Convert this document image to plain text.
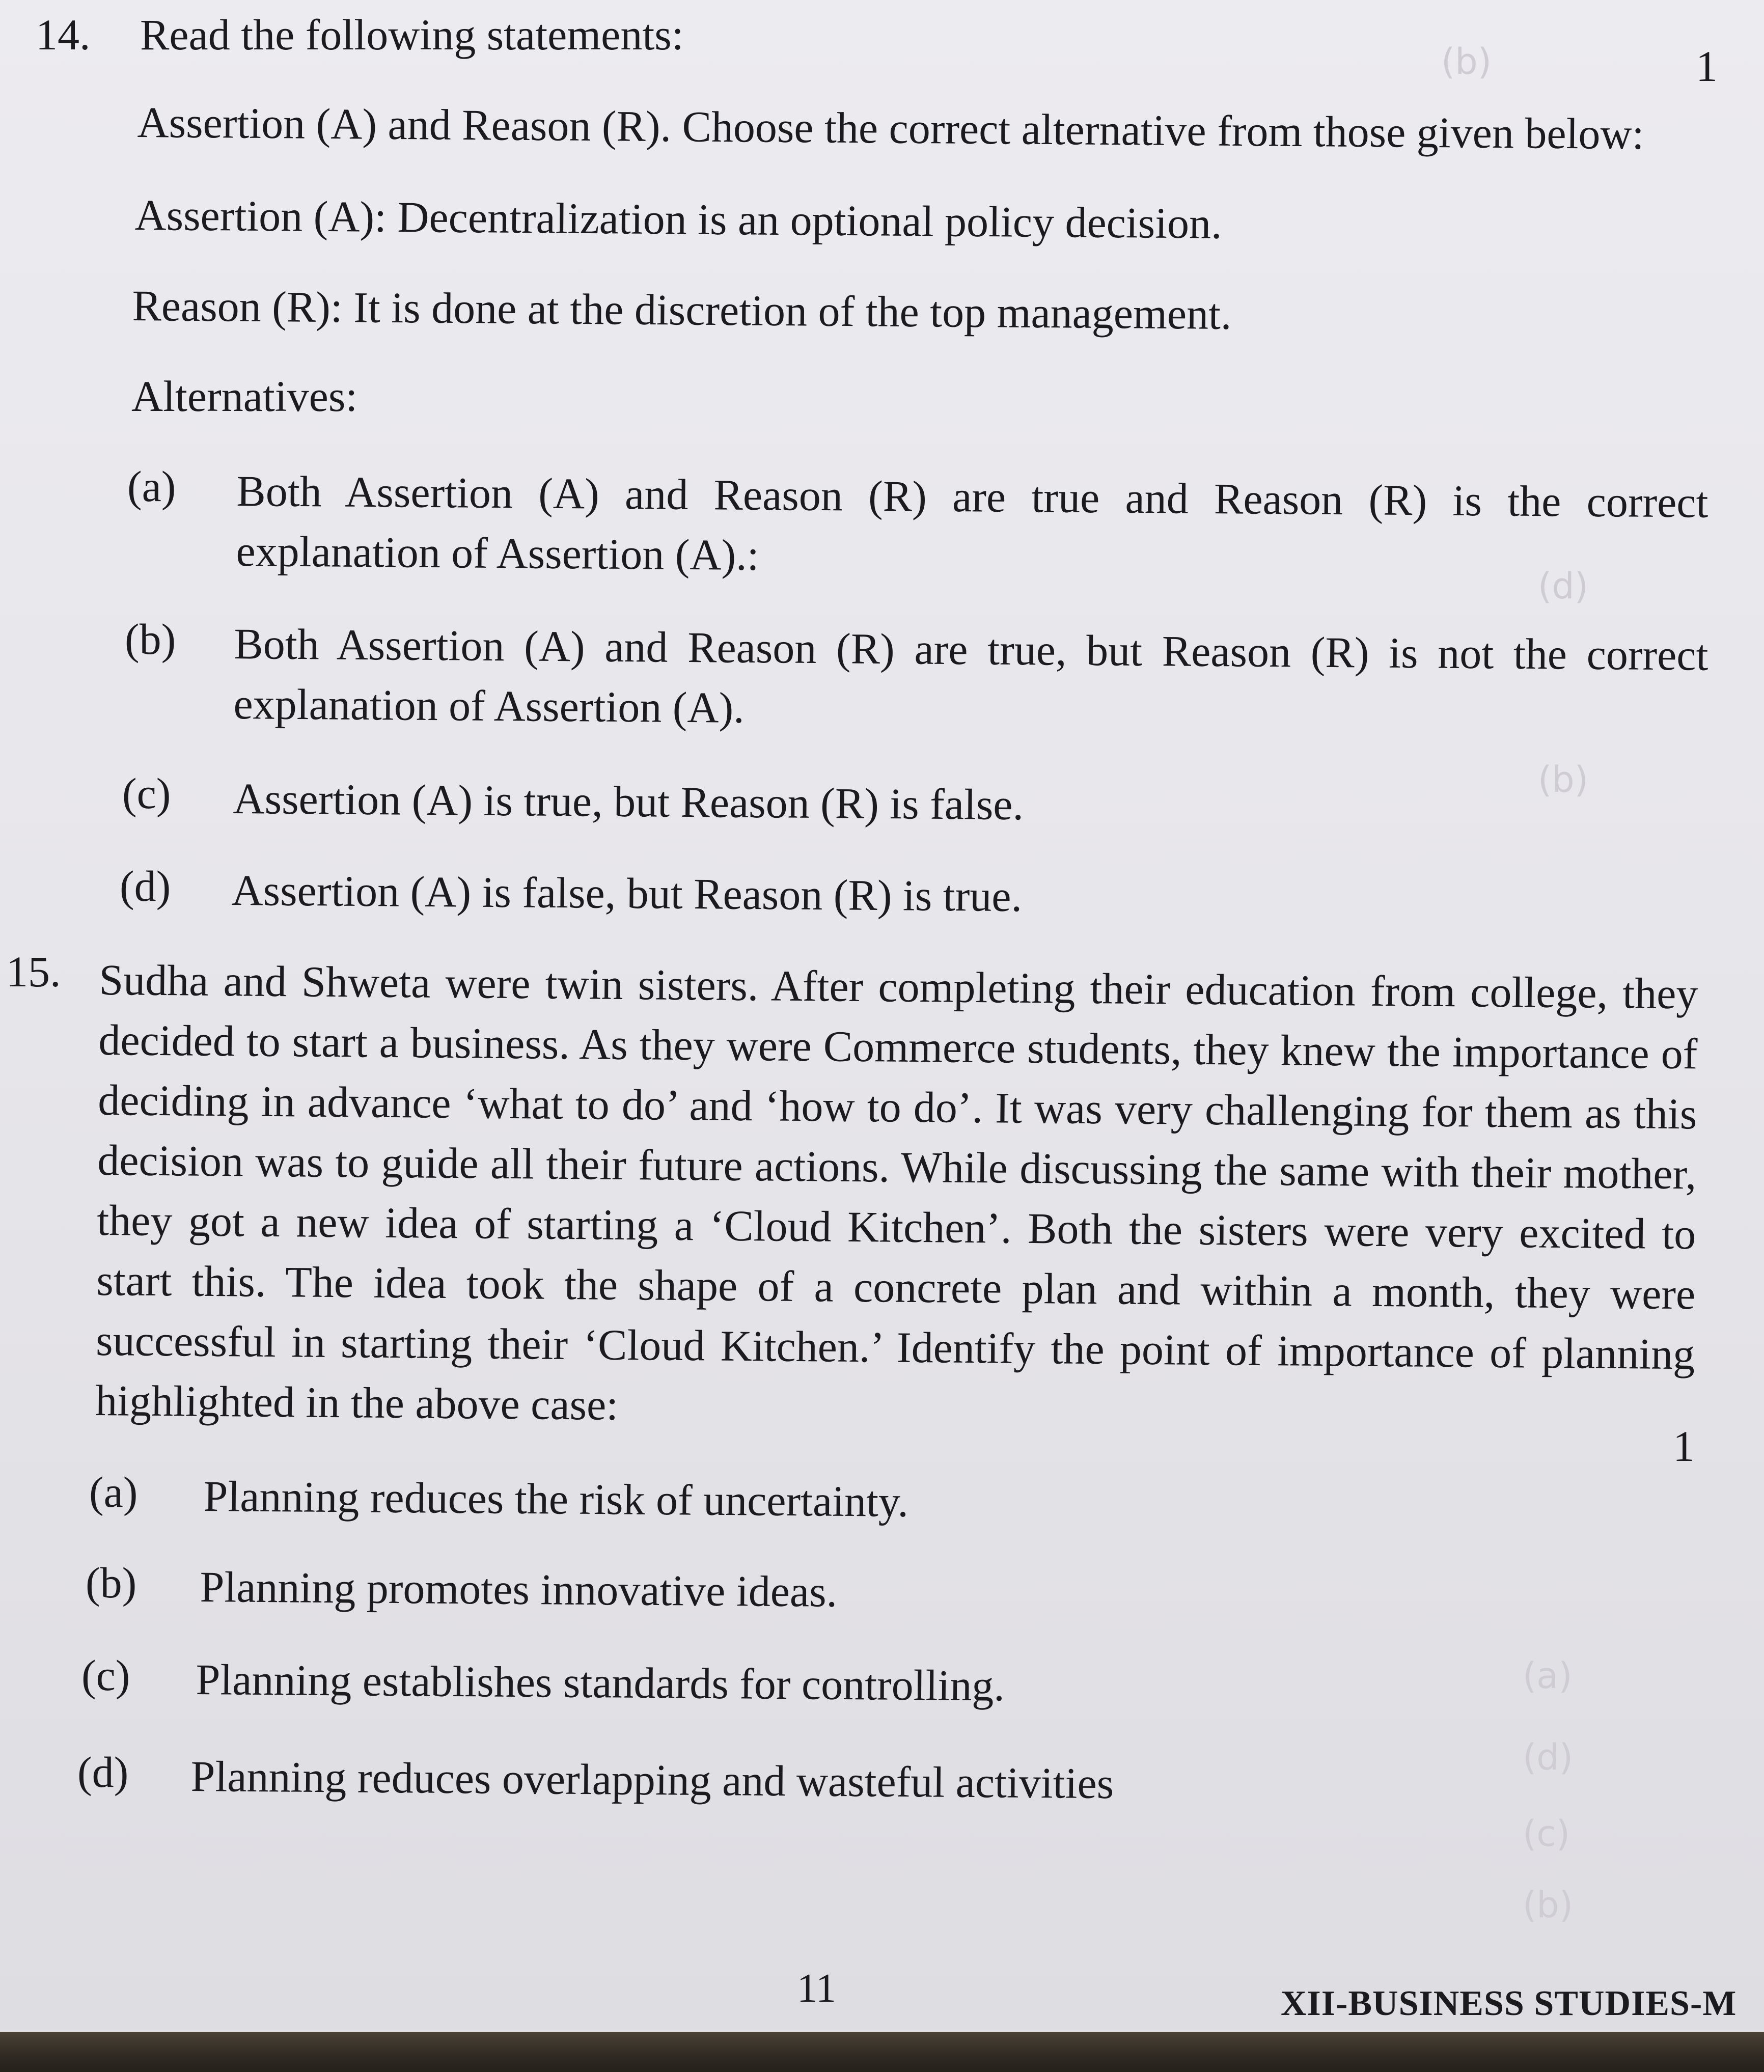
(b)
(d)
(b)
(a)
(d)
(c)
(b)
14. Read the following statements:
1
Assertion (A) and Reason (R). Choose the correct alternative from those given below:
Assertion (A): Decentralization is an optional policy decision.
Reason (R): It is done at the discretion of the top management.
Alternatives:
(a) Both Assertion (A) and Reason (R) are true and Reason (R) is the correct explanation of Assertion (A).:
(b) Both Assertion (A) and Reason (R) are true, but Reason (R) is not the correct explanation of Assertion (A).
(c) Assertion (A) is true, but Reason (R) is false.
(d) Assertion (A) is false, but Reason (R) is true.
15. Sudha and Shweta were twin sisters. After completing their education from college, they decided to start a business. As they were Commerce students, they knew the importance of deciding in advance ‘what to do’ and ‘how to do’. It was very challenging for them as this decision was to guide all their future actions. While discussing the same with their mother, they got a new idea of starting a ‘Cloud Kitchen’. Both the sisters were very excited to start this. The idea took the shape of a concrete plan and within a month, they were successful in starting their ‘Cloud Kitchen.’ Identify the point of importance of planning highlighted in the above case:
1
(a) Planning reduces the risk of uncertainty.
(b) Planning promotes innovative ideas.
(c) Planning establishes standards for controlling.
(d) Planning reduces overlapping and wasteful activities
11	XII-BUSINESS STUDIES-M
